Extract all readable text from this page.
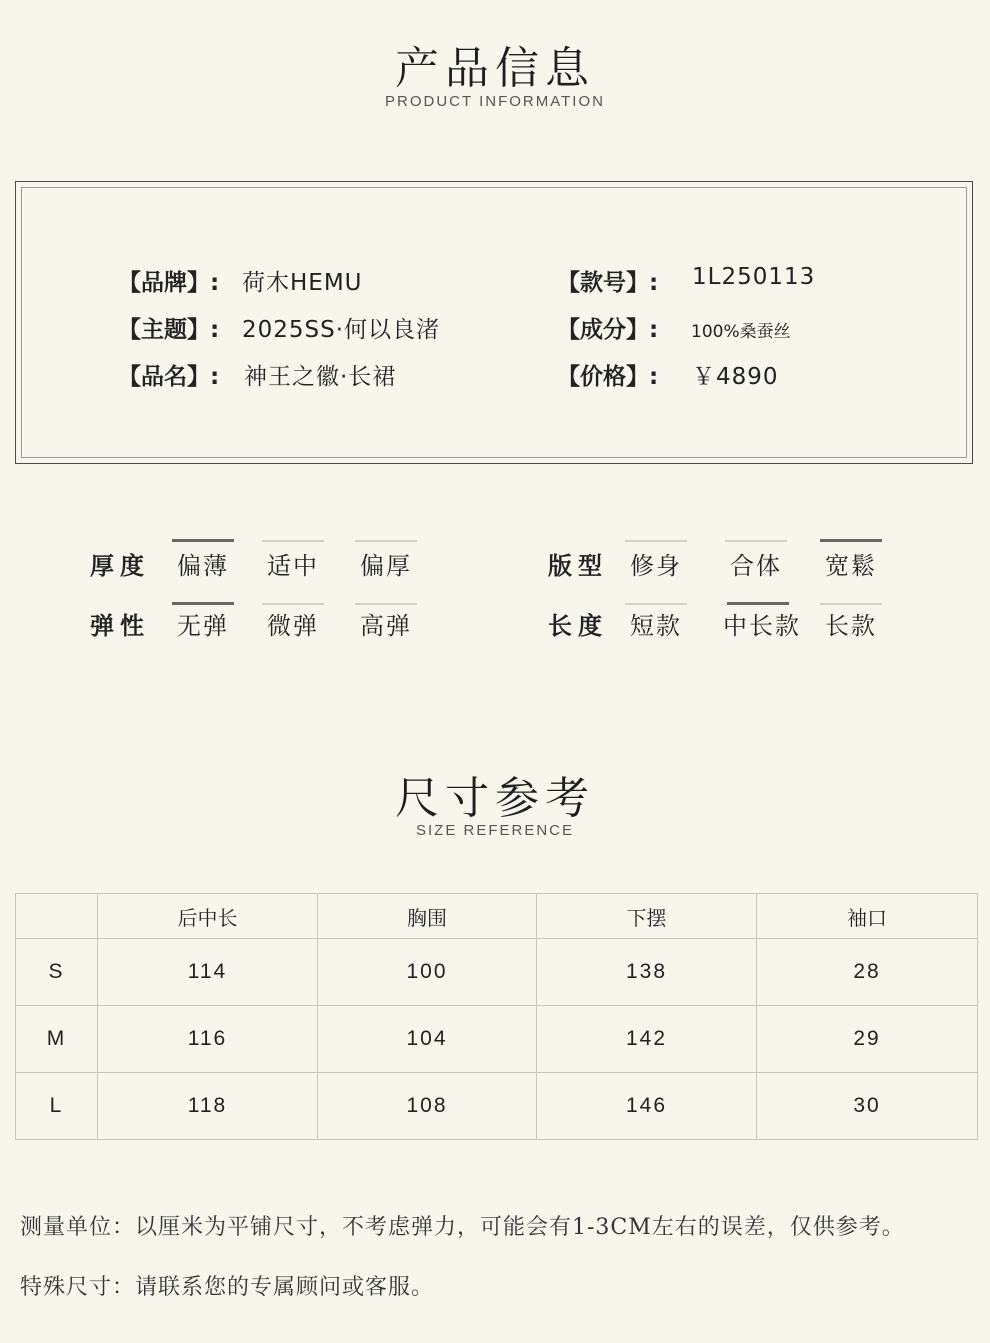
产品信息
PRODUCT INFORMATION
【品牌】: 荷木HEMU	【款号】: 1L250113
【主题】: 2025SS·何以良渚	【成分】: 100%桑蚕丝
【品名】: 神王之徽·长裙	【价格】: ￥4890
厚度 偏薄 适中 偏厚
弹性 无弹 微弹 高弹
版型 修身 合体 宽鬆
长度 短款 中长款 长款
尺寸参考
SIZE REFERENCE
	后中长	胸围	下摆	袖口
S	114	100	138	28
M	116	104	142	29
L	118	108	146	30
测量单位：以厘米为平铺尺寸，不考虑弹力，可能会有1-3CM左右的误差，仅供参考。
特殊尺寸：请联系您的专属顾问或客服。
